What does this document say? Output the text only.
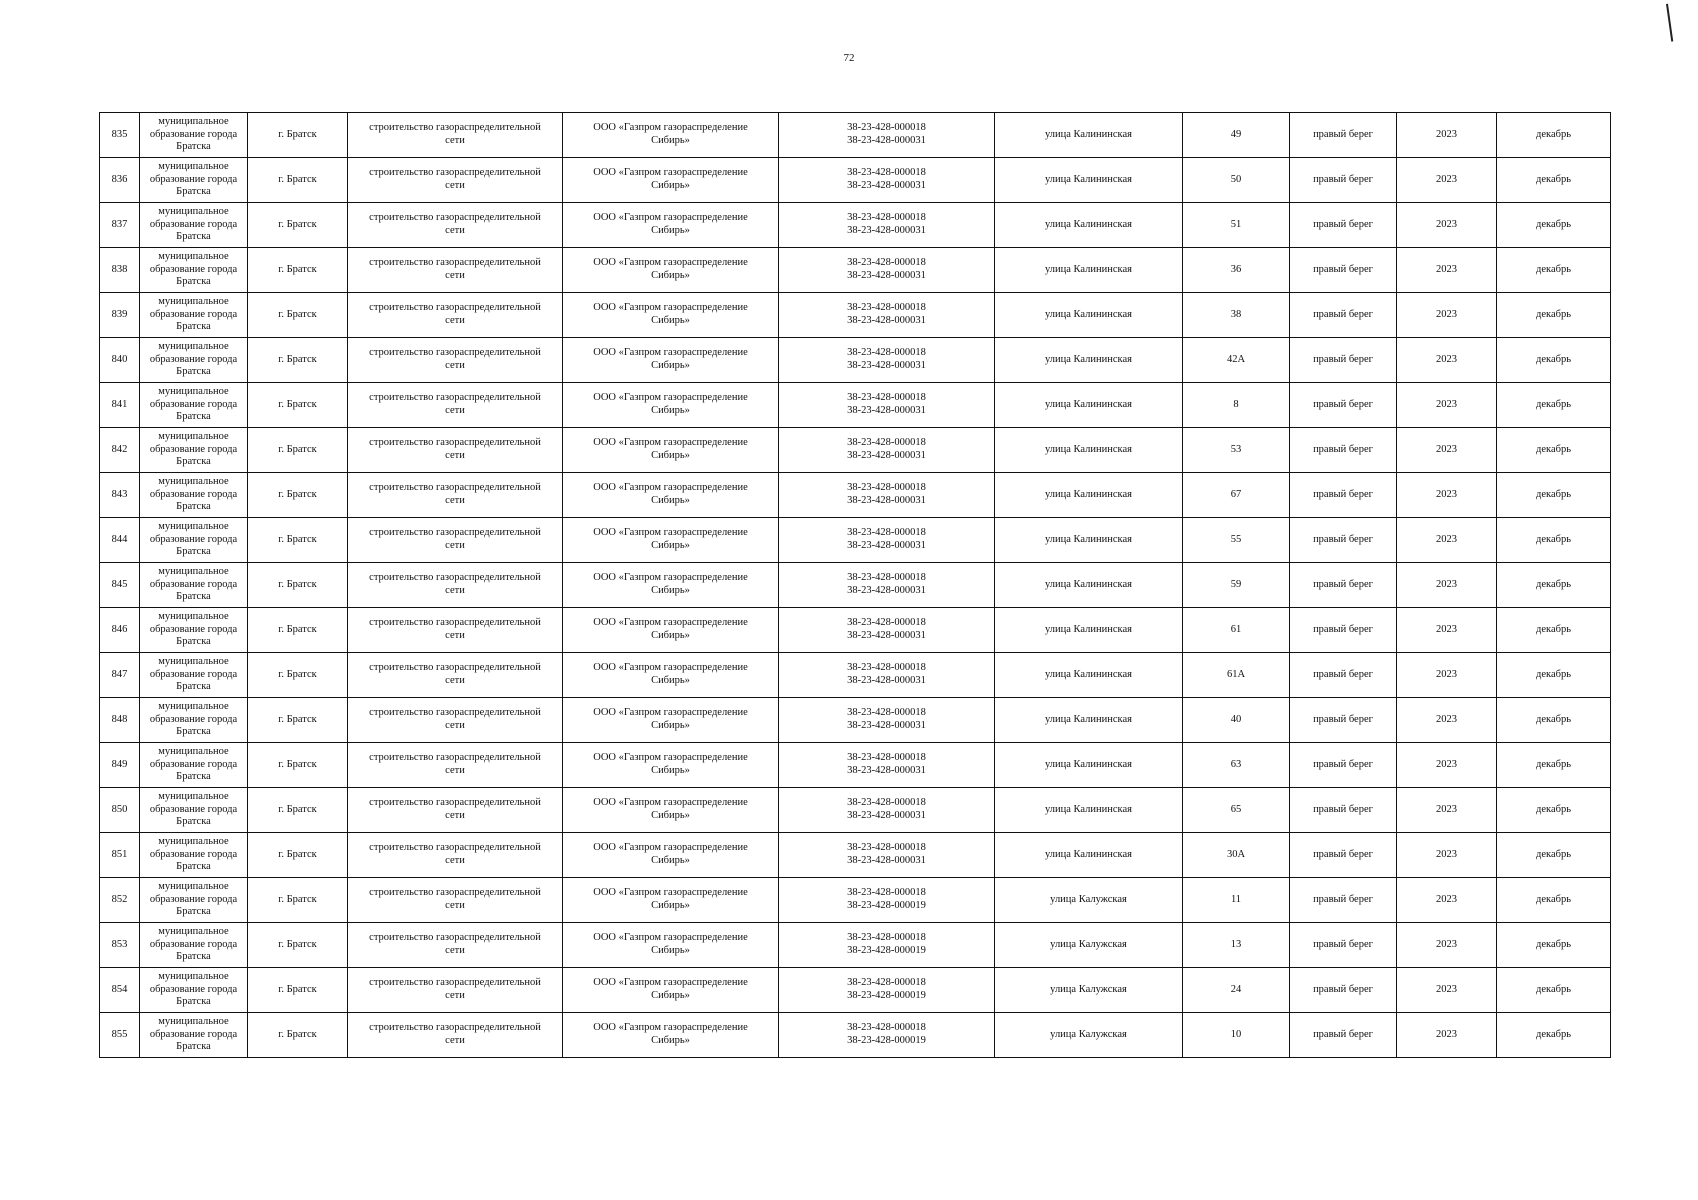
72
835	муниципальное
образование города
Братска	г. Братск	строительство газораспределительной
сети	ООО «Газпром газораспределение
Сибирь»	38-23-428-000018
38-23-428-000031	улица Калининская	49	правый берег	2023	декабрь
836	муниципальное
образование города
Братска	г. Братск	строительство газораспределительной
сети	ООО «Газпром газораспределение
Сибирь»	38-23-428-000018
38-23-428-000031	улица Калининская	50	правый берег	2023	декабрь
837	муниципальное
образование города
Братска	г. Братск	строительство газораспределительной
сети	ООО «Газпром газораспределение
Сибирь»	38-23-428-000018
38-23-428-000031	улица Калининская	51	правый берег	2023	декабрь
838	муниципальное
образование города
Братска	г. Братск	строительство газораспределительной
сети	ООО «Газпром газораспределение
Сибирь»	38-23-428-000018
38-23-428-000031	улица Калининская	36	правый берег	2023	декабрь
839	муниципальное
образование города
Братска	г. Братск	строительство газораспределительной
сети	ООО «Газпром газораспределение
Сибирь»	38-23-428-000018
38-23-428-000031	улица Калининская	38	правый берег	2023	декабрь
840	муниципальное
образование города
Братска	г. Братск	строительство газораспределительной
сети	ООО «Газпром газораспределение
Сибирь»	38-23-428-000018
38-23-428-000031	улица Калининская	42А	правый берег	2023	декабрь
841	муниципальное
образование города
Братска	г. Братск	строительство газораспределительной
сети	ООО «Газпром газораспределение
Сибирь»	38-23-428-000018
38-23-428-000031	улица Калининская	8	правый берег	2023	декабрь
842	муниципальное
образование города
Братска	г. Братск	строительство газораспределительной
сети	ООО «Газпром газораспределение
Сибирь»	38-23-428-000018
38-23-428-000031	улица Калининская	53	правый берег	2023	декабрь
843	муниципальное
образование города
Братска	г. Братск	строительство газораспределительной
сети	ООО «Газпром газораспределение
Сибирь»	38-23-428-000018
38-23-428-000031	улица Калининская	67	правый берег	2023	декабрь
844	муниципальное
образование города
Братска	г. Братск	строительство газораспределительной
сети	ООО «Газпром газораспределение
Сибирь»	38-23-428-000018
38-23-428-000031	улица Калининская	55	правый берег	2023	декабрь
845	муниципальное
образование города
Братска	г. Братск	строительство газораспределительной
сети	ООО «Газпром газораспределение
Сибирь»	38-23-428-000018
38-23-428-000031	улица Калининская	59	правый берег	2023	декабрь
846	муниципальное
образование города
Братска	г. Братск	строительство газораспределительной
сети	ООО «Газпром газораспределение
Сибирь»	38-23-428-000018
38-23-428-000031	улица Калининская	61	правый берег	2023	декабрь
847	муниципальное
образование города
Братска	г. Братск	строительство газораспределительной
сети	ООО «Газпром газораспределение
Сибирь»	38-23-428-000018
38-23-428-000031	улица Калининская	61А	правый берег	2023	декабрь
848	муниципальное
образование города
Братска	г. Братск	строительство газораспределительной
сети	ООО «Газпром газораспределение
Сибирь»	38-23-428-000018
38-23-428-000031	улица Калининская	40	правый берег	2023	декабрь
849	муниципальное
образование города
Братска	г. Братск	строительство газораспределительной
сети	ООО «Газпром газораспределение
Сибирь»	38-23-428-000018
38-23-428-000031	улица Калининская	63	правый берег	2023	декабрь
850	муниципальное
образование города
Братска	г. Братск	строительство газораспределительной
сети	ООО «Газпром газораспределение
Сибирь»	38-23-428-000018
38-23-428-000031	улица Калининская	65	правый берег	2023	декабрь
851	муниципальное
образование города
Братска	г. Братск	строительство газораспределительной
сети	ООО «Газпром газораспределение
Сибирь»	38-23-428-000018
38-23-428-000031	улица Калининская	30А	правый берег	2023	декабрь
852	муниципальное
образование города
Братска	г. Братск	строительство газораспределительной
сети	ООО «Газпром газораспределение
Сибирь»	38-23-428-000018
38-23-428-000019	улица Калужская	11	правый берег	2023	декабрь
853	муниципальное
образование города
Братска	г. Братск	строительство газораспределительной
сети	ООО «Газпром газораспределение
Сибирь»	38-23-428-000018
38-23-428-000019	улица Калужская	13	правый берег	2023	декабрь
854	муниципальное
образование города
Братска	г. Братск	строительство газораспределительной
сети	ООО «Газпром газораспределение
Сибирь»	38-23-428-000018
38-23-428-000019	улица Калужская	24	правый берег	2023	декабрь
855	муниципальное
образование города
Братска	г. Братск	строительство газораспределительной
сети	ООО «Газпром газораспределение
Сибирь»	38-23-428-000018
38-23-428-000019	улица Калужская	10	правый берег	2023	декабрь
